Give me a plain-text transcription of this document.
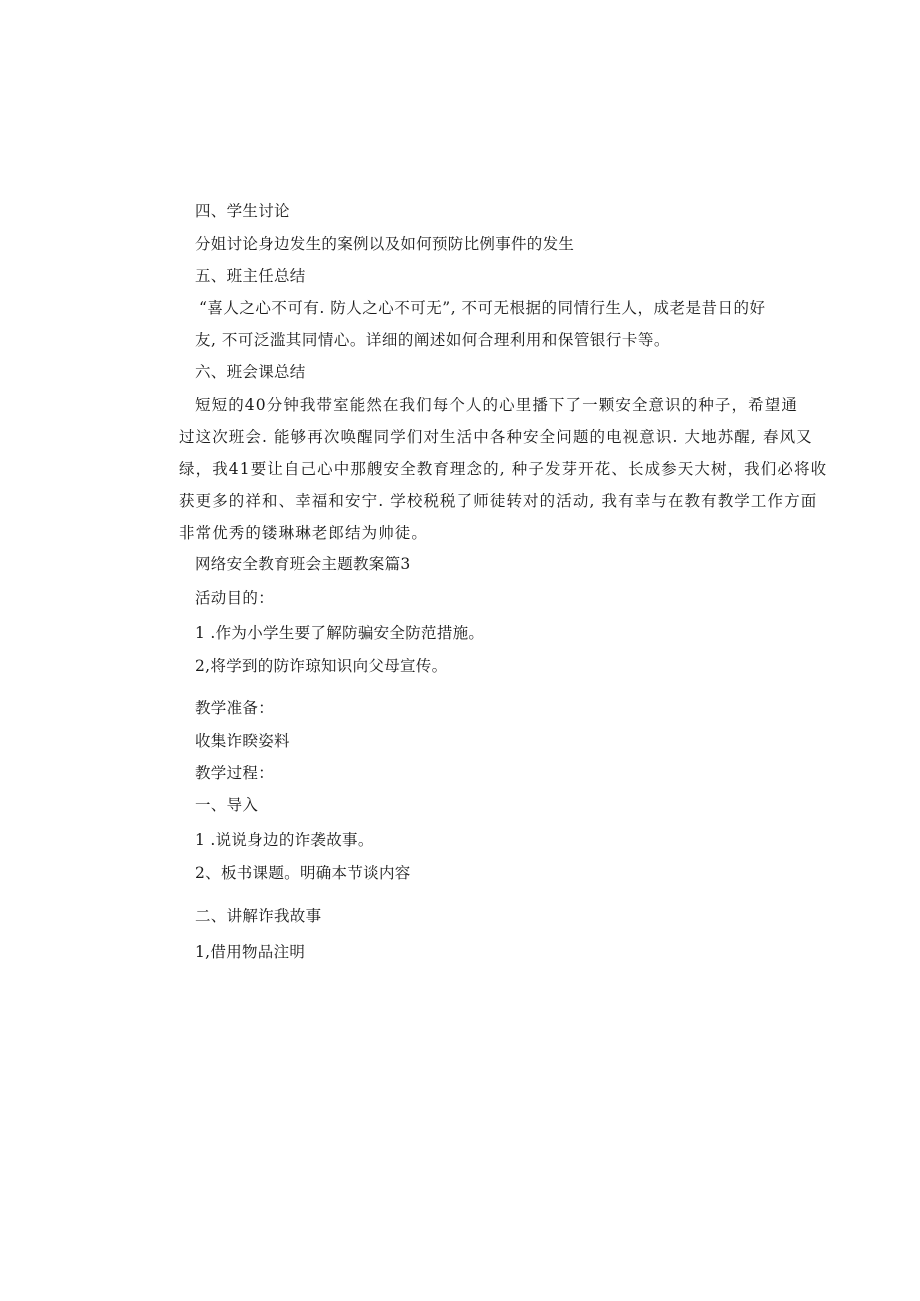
四、学生讨论
分姐讨论身边发生的案例以及如何预防比例事件的发生
五、班主任总结
“喜人之心不可有. 防人之心不可无”, 不可无根据的同情行生人，成老是昔日的好
友, 不可泛滥其同情心。详细的阐述如何合理利用和保管银行卡等。
六、班会课总结
短短的40分钟我带室能然在我们每个人的心里播下了一颗安全意识的种子，希望通
过这次班会. 能够再次唤醒同学们对生活中各种安全问题的电视意识. 大地苏醒, 春风又
绿，我41要让自己心中那艘安全教育理念的, 种子发芽开花、长成参天大树，我们必将收
获更多的祥和、幸福和安宁. 学校税税了师徒转对的活动, 我有幸与在教有教学工作方面
非常优秀的镂琳琳老郎结为帅徒。
网络安全教育班会主题教案篇3
活动目的：
1 .作为小学生要了解防骗安全防范措施。
2,将学到的防诈琼知识向父母宣传。
教学准备：
收集诈睽姿料
教学过程：
一、导入
1 .说说身边的诈袭故事。
2、板书课题。明确本节谈内容
二、讲解诈我故事
1,借用物品注明
